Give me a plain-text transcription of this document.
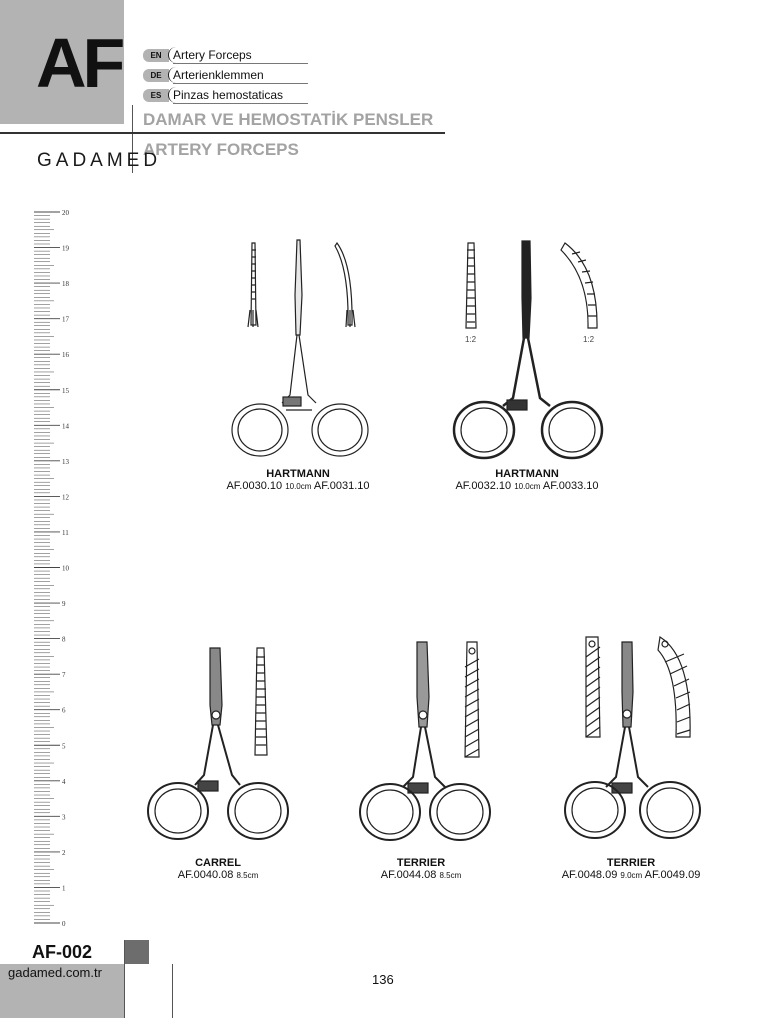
AF	EN Artery Forceps
DE Arterienklemmen
ES Pinzas hemostaticas
DAMAR VE HEMOSTATİK PENSLER
ARTERY FORCEPS
GADAMED
20
19
18
17
16
15
14
13
12
11
10
9
8
7
6
5
4
3
2
1
0
HARTMANN
AF.0030.10 10.0cm AF.0031.10
1:2	1:2
HARTMANN
AF.0032.10 10.0cm AF.0033.10
CARREL
AF.0040.08 8.5cm
TERRIER
AF.0044.08 8.5cm
TERRIER
AF.0048.09 9.0cm AF.0049.09
AF-002
gadamed.com.tr	136
